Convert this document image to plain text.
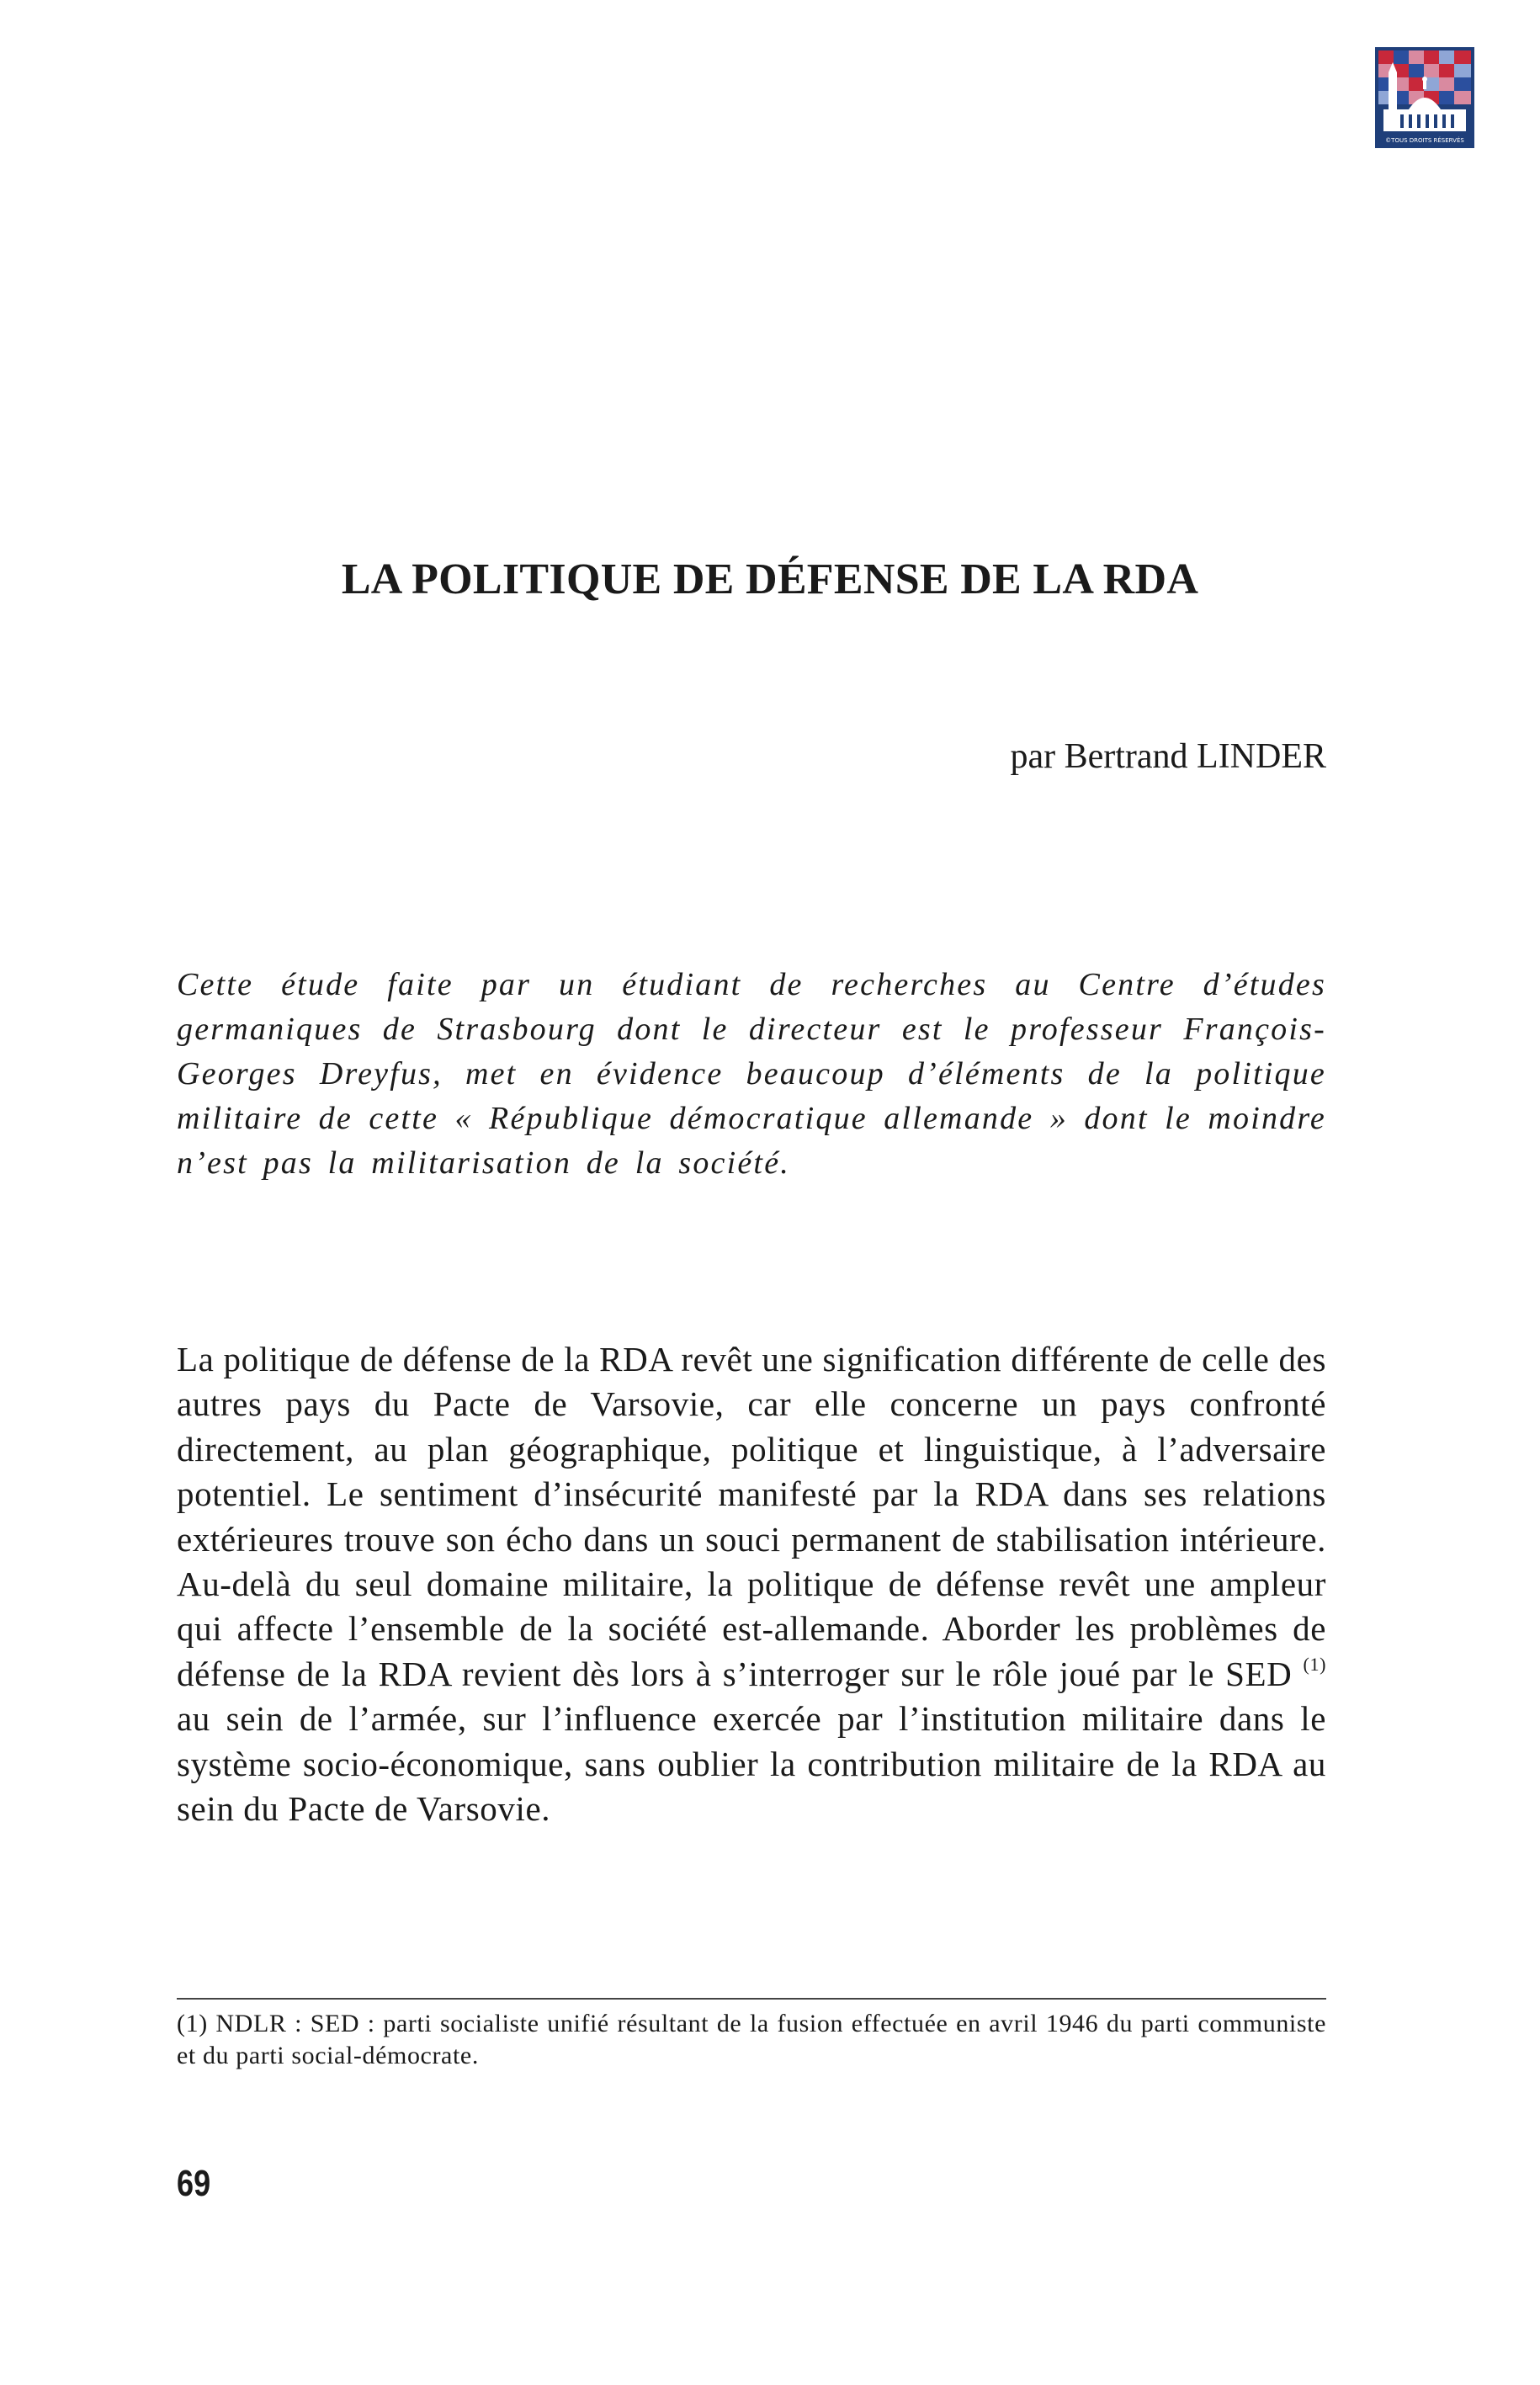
©TOUS DROITS RÉSERVÉS
LA POLITIQUE DE DÉFENSE DE LA RDA

par Bertrand LINDER

Cette étude faite par un étudiant de recherches au Centre d’études germaniques de Strasbourg dont le directeur est le professeur François-Georges Dreyfus, met en évidence beaucoup d’éléments de la politique militaire de cette « République démocratique allemande » dont le moindre n’est pas la militarisation de la société.

La politique de défense de la RDA revêt une signification différente de celle des autres pays du Pacte de Varsovie, car elle concerne un pays confronté directement, au plan géographique, politique et linguistique, à l’adversaire potentiel. Le sentiment d’insécurité manifesté par la RDA dans ses relations extérieures trouve son écho dans un souci permanent de stabilisation intérieure. Au-delà du seul domaine militaire, la politique de défense revêt une ampleur qui affecte l’ensemble de la société est-allemande. Aborder les problèmes de défense de la RDA revient dès lors à s’interroger sur le rôle joué par le SED $^{(1)}$ au sein de l’armée, sur l’influence exercée par l’institution militaire dans le système socio-économique, sans oublier la contribution militaire de la RDA au sein du Pacte de Varsovie.

(1) NDLR : SED : parti socialiste unifié résultant de la fusion effectuée en avril 1946 du parti communiste et du parti social-démocrate.

69
